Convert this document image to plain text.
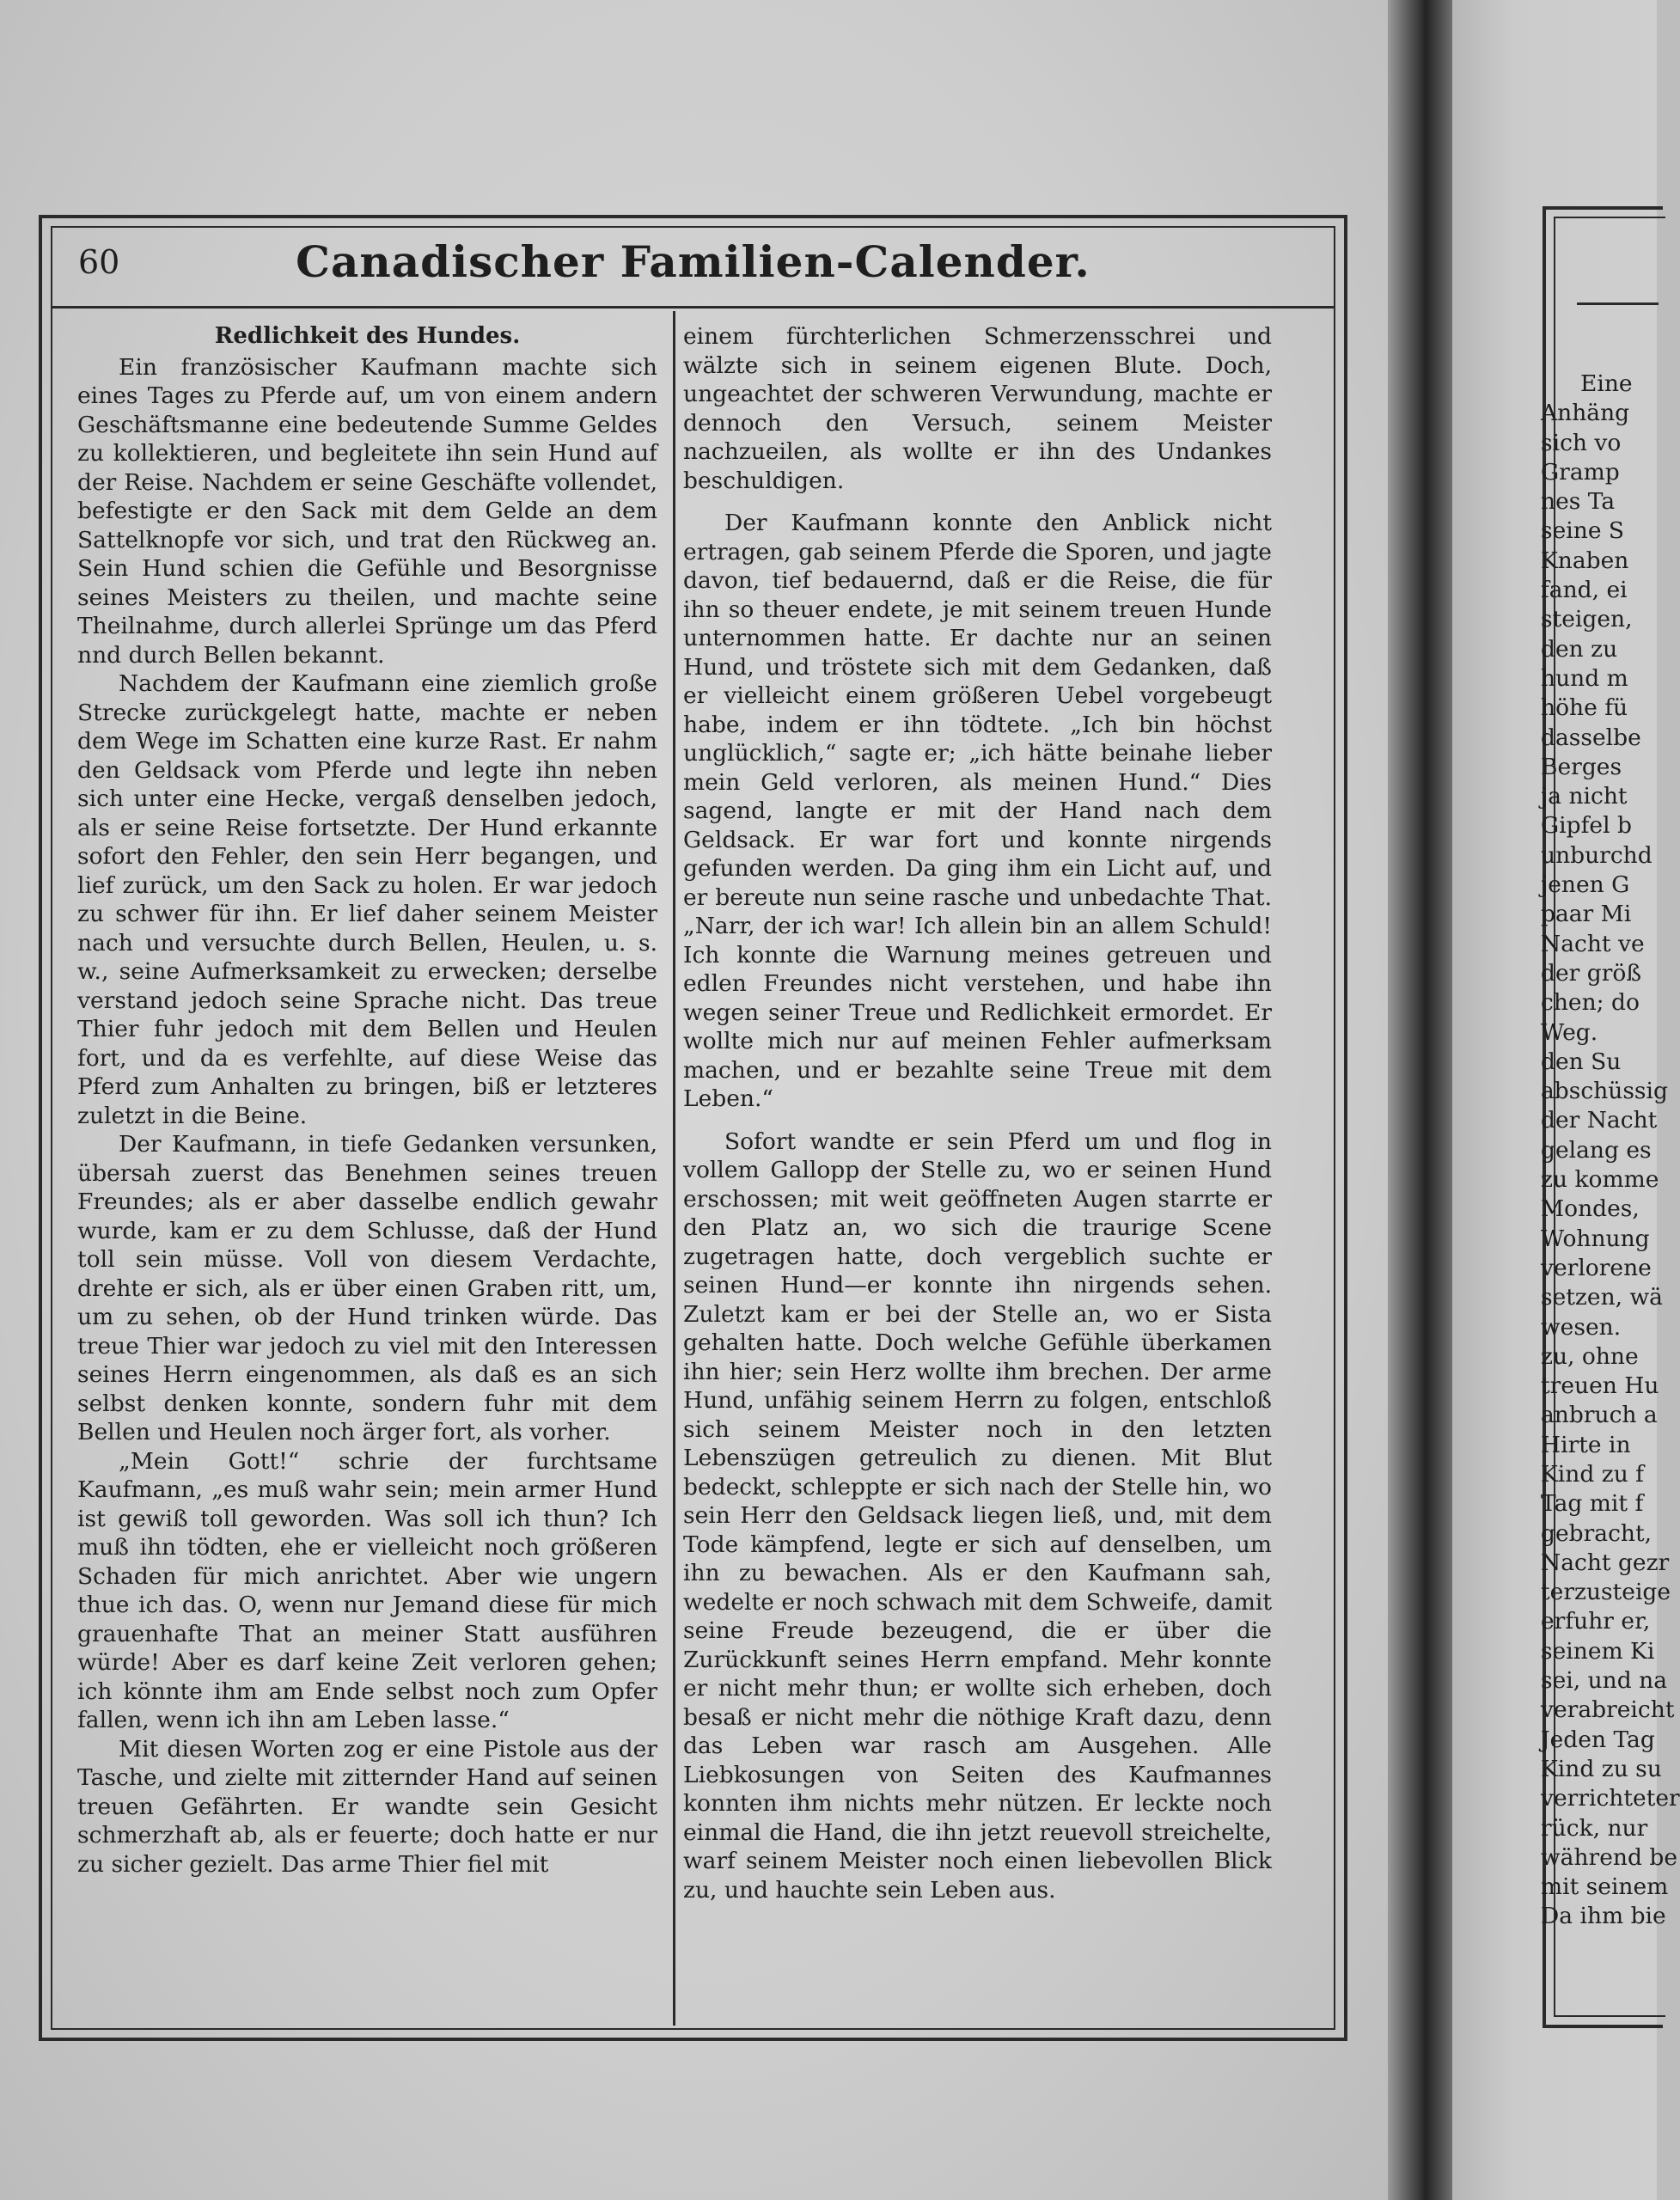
60	Canadischer Familien-Calender.
Redlichkeit des Hundes.

Ein französischer Kaufmann machte sich eines Tages zu Pferde auf, um von einem andern Geschäftsmanne eine bedeutende Summe Geldes zu kollektieren, und begleitete ihn sein Hund auf der Reise. Nachdem er seine Geschäfte vollendet, befestigte er den Sack mit dem Gelde an dem Sattelknopfe vor sich, und trat den Rückweg an. Sein Hund schien die Gefühle und Besorgnisse seines Meisters zu theilen, und machte seine Theilnahme, durch allerlei Sprünge um das Pferd nnd durch Bellen bekannt.

Nachdem der Kaufmann eine ziemlich große Strecke zurückgelegt hatte, machte er neben dem Wege im Schatten eine kurze Rast. Er nahm den Geldsack vom Pferde und legte ihn neben sich unter eine Hecke, vergaß denselben jedoch, als er seine Reise fortsetzte. Der Hund erkannte sofort den Fehler, den sein Herr begangen, und lief zurück, um den Sack zu holen. Er war jedoch zu schwer für ihn. Er lief daher seinem Meister nach und versuchte durch Bellen, Heulen, u. s. w., seine Aufmerksamkeit zu erwecken; derselbe verstand jedoch seine Sprache nicht. Das treue Thier fuhr jedoch mit dem Bellen und Heulen fort, und da es verfehlte, auf diese Weise das Pferd zum Anhalten zu bringen, biß er letzteres zuletzt in die Beine.

Der Kaufmann, in tiefe Gedanken versunken, übersah zuerst das Benehmen seines treuen Freundes; als er aber dasselbe endlich gewahr wurde, kam er zu dem Schlusse, daß der Hund toll sein müsse. Voll von diesem Verdachte, drehte er sich, als er über einen Graben ritt, um, um zu sehen, ob der Hund trinken würde. Das treue Thier war jedoch zu viel mit den Interessen seines Herrn eingenommen, als daß es an sich selbst denken konnte, sondern fuhr mit dem Bellen und Heulen noch ärger fort, als vorher.

„Mein Gott!“ schrie der furchtsame Kaufmann, „es muß wahr sein; mein armer Hund ist gewiß toll geworden. Was soll ich thun? Ich muß ihn tödten, ehe er vielleicht noch größeren Schaden für mich anrichtet. Aber wie ungern thue ich das. O, wenn nur Jemand diese für mich grauenhafte That an meiner Statt ausführen würde! Aber es darf keine Zeit verloren gehen; ich könnte ihm am Ende selbst noch zum Opfer fallen, wenn ich ihn am Leben lasse.“

Mit diesen Worten zog er eine Pistole aus der Tasche, und zielte mit zitternder Hand auf seinen treuen Gefährten. Er wandte sein Gesicht schmerzhaft ab, als er feuerte; doch hatte er nur zu sicher gezielt. Das arme Thier fiel mit

einem fürchterlichen Schmerzensschrei und wälzte sich in seinem eigenen Blute. Doch, ungeachtet der schweren Verwundung, machte er dennoch den Versuch, seinem Meister nachzueilen, als wollte er ihn des Undankes beschuldigen.

Der Kaufmann konnte den Anblick nicht ertragen, gab seinem Pferde die Sporen, und jagte davon, tief bedauernd, daß er die Reise, die für ihn so theuer endete, je mit seinem treuen Hunde unternommen hatte. Er dachte nur an seinen Hund, und tröstete sich mit dem Gedanken, daß er vielleicht einem größeren Uebel vorgebeugt habe, indem er ihn tödtete. „Ich bin höchst unglücklich,“ sagte er; „ich hätte beinahe lieber mein Geld verloren, als meinen Hund.“ Dies sagend, langte er mit der Hand nach dem Geldsack. Er war fort und konnte nirgends gefunden werden. Da ging ihm ein Licht auf, und er bereute nun seine rasche und unbedachte That. „Narr, der ich war! Ich allein bin an allem Schuld! Ich konnte die Warnung meines getreuen und edlen Freundes nicht verstehen, und habe ihn wegen seiner Treue und Redlichkeit ermordet. Er wollte mich nur auf meinen Fehler aufmerksam machen, und er bezahlte seine Treue mit dem Leben.“

Sofort wandte er sein Pferd um und flog in vollem Gallopp der Stelle zu, wo er seinen Hund erschossen; mit weit geöffneten Augen starrte er den Platz an, wo sich die traurige Scene zugetragen hatte, doch vergeblich suchte er seinen Hund—er konnte ihn nirgends sehen. Zuletzt kam er bei der Stelle an, wo er Sista gehalten hatte. Doch welche Gefühle überkamen ihn hier; sein Herz wollte ihm brechen. Der arme Hund, unfähig seinem Herrn zu folgen, entschloß sich seinem Meister noch in den letzten Lebenszügen getreulich zu dienen. Mit Blut bedeckt, schleppte er sich nach der Stelle hin, wo sein Herr den Geldsack liegen ließ, und, mit dem Tode kämpfend, legte er sich auf denselben, um ihn zu bewachen. Als er den Kaufmann sah, wedelte er noch schwach mit dem Schweife, damit seine Freude bezeugend, die er über die Zurückkunft seines Herrn empfand. Mehr konnte er nicht mehr thun; er wollte sich erheben, doch besaß er nicht mehr die nöthige Kraft dazu, denn das Leben war rasch am Ausgehen. Alle Liebkosungen von Seiten des Kaufmannes konnten ihm nichts mehr nützen. Er leckte noch einmal die Hand, die ihn jetzt reuevoll streichelte, warf seinem Meister noch einen liebevollen Blick zu, und hauchte sein Leben aus.

Eine
Anhäng
sich vo
Gramp
nes Ta
seine S
Knaben
fand, ei
steigen,
den zu
hund m
höhe fü
dasselbe
Berges
ja nicht
Gipfel b
unburchd
jenen G
paar Mi
Nacht ve
der größ
chen; do
Weg.
den Su
abschüssig
der Nacht
gelang es
zu komme
Mondes,
Wohnung
verlorene
setzen, wä
wesen.
zu, ohne
treuen Hu
anbruch a
Hirte in
Kind zu f
Tag mit f
gebracht,
Nacht gezr
terzusteige
erfuhr er,
seinem Ki
sei, und na
verabreicht
Jeden Tag
Kind zu su
verrichteter
rück, nur
während be
mit seinem
Da ihm bie
